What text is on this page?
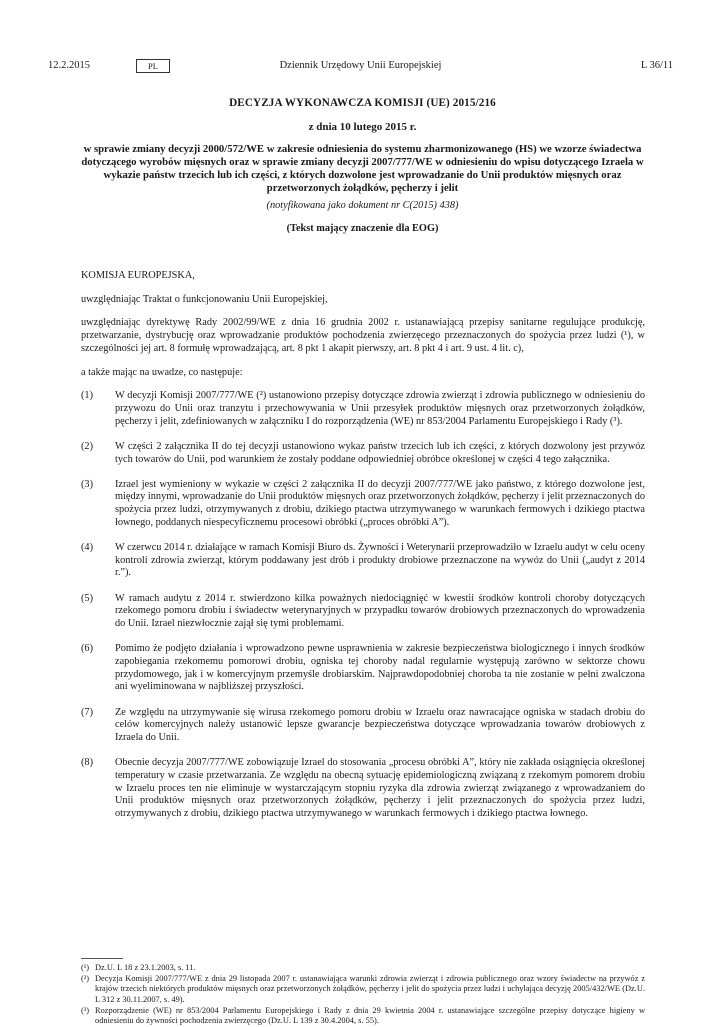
12.2.2015	PL	Dziennik Urzędowy Unii Europejskiej	L 36/11
DECYZJA WYKONAWCZA KOMISJI (UE) 2015/216
z dnia 10 lutego 2015 r.
w sprawie zmiany decyzji 2000/572/WE w zakresie odniesienia do systemu zharmonizowanego (HS) we wzorze świadectwa dotyczącego wyrobów mięsnych oraz w sprawie zmiany decyzji 2007/777/WE w odniesieniu do wpisu dotyczącego Izraela w wykazie państw trzecich lub ich części, z których dozwolone jest wprowadzanie do Unii produktów mięsnych oraz przetworzonych żołądków, pęcherzy i jelit
(notyfikowana jako dokument nr C(2015) 438)
(Tekst mający znaczenie dla EOG)

KOMISJA EUROPEJSKA,

uwzględniając Traktat o funkcjonowaniu Unii Europejskiej,

uwzględniając dyrektywę Rady 2002/99/WE z dnia 16 grudnia 2002 r. ustanawiającą przepisy sanitarne regulujące produkcję, przetwarzanie, dystrybucję oraz wprowadzanie produktów pochodzenia zwierzęcego przeznaczonych do spożycia przez ludzi (¹), w szczególności jej art. 8 formułę wprowadzającą, art. 8 pkt 1 akapit pierwszy, art. 8 pkt 4 i art. 9 ust. 4 lit. c),

a także mając na uwadze, co następuje:

(1) W decyzji Komisji 2007/777/WE (²) ustanowiono przepisy dotyczące zdrowia zwierząt i zdrowia publicznego w odniesieniu do przywozu do Unii oraz tranzytu i przechowywania w Unii przesyłek produktów mięsnych oraz przetworzonych żołądków, pęcherzy i jelit, zdefiniowanych w załączniku I do rozporządzenia (WE) nr 853/2004 Parlamentu Europejskiego i Rady (³).
(2) W części 2 załącznika II do tej decyzji ustanowiono wykaz państw trzecich lub ich części, z których dozwolony jest przywóz tych towarów do Unii, pod warunkiem że zostały poddane odpowiedniej obróbce określonej w części 4 tego załącznika.
(3) Izrael jest wymieniony w wykazie w części 2 załącznika II do decyzji 2007/777/WE jako państwo, z którego dozwolone jest, między innymi, wprowadzanie do Unii produktów mięsnych oraz przetworzonych żołądków, pęcherzy i jelit przeznaczonych do spożycia przez ludzi, otrzymywanych z drobiu, dzikiego ptactwa utrzymywanego w warunkach fermowych i dzikiego ptactwa łownego, poddanych niespecyficznemu procesowi obróbki („proces obróbki A”).
(4) W czerwcu 2014 r. działające w ramach Komisji Biuro ds. Żywności i Weterynarii przeprowadziło w Izraelu audyt w celu oceny kontroli zdrowia zwierząt, którym poddawany jest drób i produkty drobiowe przeznaczone na wywóz do Unii („audyt z 2014 r.”).
(5) W ramach audytu z 2014 r. stwierdzono kilka poważnych niedociągnięć w kwestii środków kontroli choroby dotyczących rzekomego pomoru drobiu i świadectw weterynaryjnych w przypadku towarów drobiowych przeznaczonych do wprowadzenia do Unii. Izrael niezwłocznie zajął się tymi problemami.
(6) Pomimo że podjęto działania i wprowadzono pewne usprawnienia w zakresie bezpieczeństwa biologicznego i innych środków zapobiegania rzekomemu pomorowi drobiu, ogniska tej choroby nadal regularnie występują zarówno w sektorze chowu przydomowego, jak i w komercyjnym przemyśle drobiarskim. Najprawdopodobniej choroba ta nie zostanie w pełni zwalczona ani wyeliminowana w najbliższej przyszłości.
(7) Ze względu na utrzymywanie się wirusa rzekomego pomoru drobiu w Izraelu oraz nawracające ogniska w stadach drobiu do celów komercyjnych należy ustanowić lepsze gwarancje bezpieczeństwa dotyczące wprowadzania towarów drobiowych z Izraela do Unii.
(8) Obecnie decyzja 2007/777/WE zobowiązuje Izrael do stosowania „procesu obróbki A”, który nie zakłada osiągnięcia określonej temperatury w czasie przetwarzania. Ze względu na obecną sytuację epidemiologiczną związaną z rzekomym pomorem drobiu w Izraelu proces ten nie eliminuje w wystarczającym stopniu ryzyka dla zdrowia zwierząt związanego z wprowadzaniem do Unii produktów mięsnych oraz przetworzonych żołądków, pęcherzy i jelit przeznaczonych do spożycia przez ludzi, otrzymywanych z drobiu, dzikiego ptactwa utrzymywanego w warunkach fermowych i dzikiego ptactwa łownego.
(¹) Dz.U. L 18 z 23.1.2003, s. 11.
(²) Decyzja Komisji 2007/777/WE z dnia 29 listopada 2007 r. ustanawiająca warunki zdrowia zwierząt i zdrowia publicznego oraz wzory świadectw na przywóz z krajów trzecich niektórych produktów mięsnych oraz przetworzonych żołądków, pęcherzy i jelit do spożycia przez ludzi i uchylająca decyzję 2005/432/WE (Dz.U. L 312 z 30.11.2007, s. 49).
(³) Rozporządzenie (WE) nr 853/2004 Parlamentu Europejskiego i Rady z dnia 29 kwietnia 2004 r. ustanawiające szczególne przepisy dotyczące higieny w odniesieniu do żywności pochodzenia zwierzęcego (Dz.U. L 139 z 30.4.2004, s. 55).
